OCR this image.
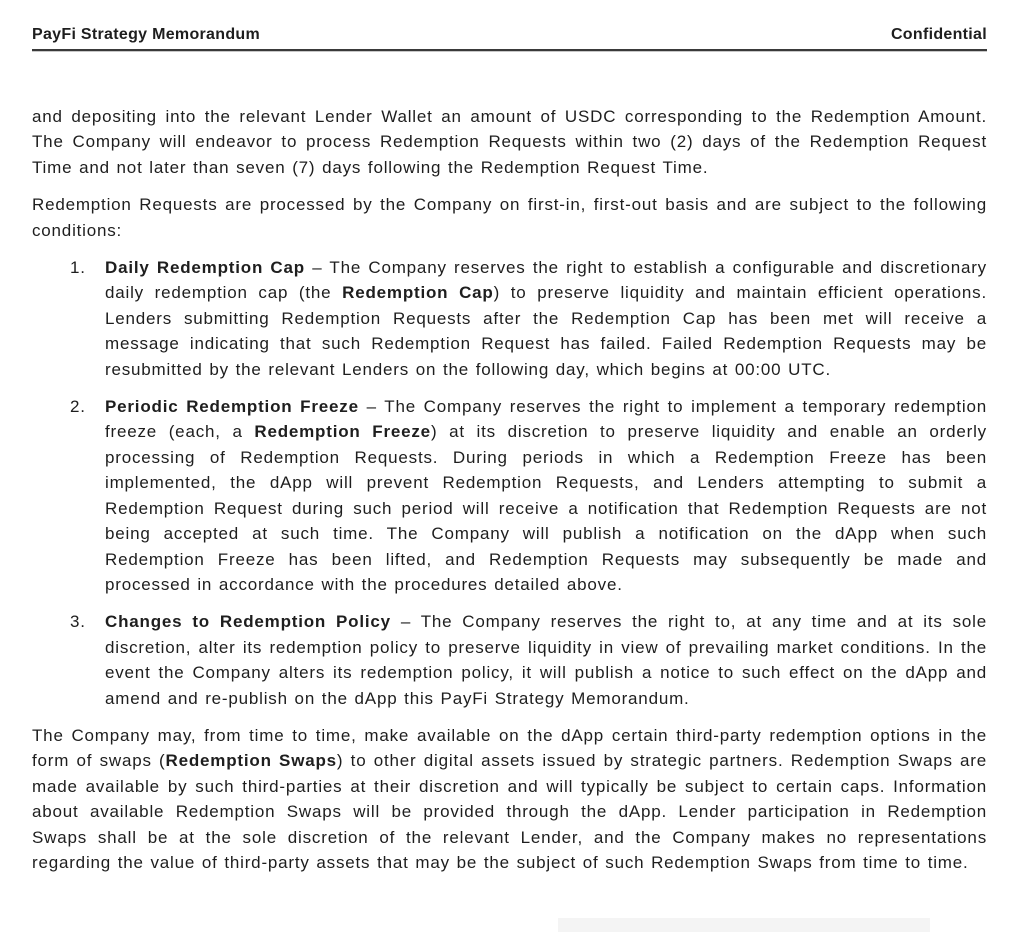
PayFi Strategy Memorandum	Confidential

and depositing into the relevant Lender Wallet an amount of USDC corresponding to the Redemption Amount. The Company will endeavor to process Redemption Requests within two (2) days of the Redemption Request Time and not later than seven (7) days following the Redemption Request Time.

Redemption Requests are processed by the Company on first-in, first-out basis and are subject to the following conditions:

1.	Daily Redemption Cap – The Company reserves the right to establish a configurable and discretionary daily redemption cap (the Redemption Cap) to preserve liquidity and maintain efficient operations. Lenders submitting Redemption Requests after the Redemption Cap has been met will receive a message indicating that such Redemption Request has failed. Failed Redemption Requests may be resubmitted by the relevant Lenders on the following day, which begins at 00:00 UTC.
2.	Periodic Redemption Freeze – The Company reserves the right to implement a temporary redemption freeze (each, a Redemption Freeze) at its discretion to preserve liquidity and enable an orderly processing of Redemption Requests. During periods in which a Redemption Freeze has been implemented, the dApp will prevent Redemption Requests, and Lenders attempting to submit a Redemption Request during such period will receive a notification that Redemption Requests are not being accepted at such time. The Company will publish a notification on the dApp when such Redemption Freeze has been lifted, and Redemption Requests may subsequently be made and processed in accordance with the procedures detailed above.
3.	Changes to Redemption Policy – The Company reserves the right to, at any time and at its sole discretion, alter its redemption policy to preserve liquidity in view of prevailing market conditions. In the event the Company alters its redemption policy, it will publish a notice to such effect on the dApp and amend and re-publish on the dApp this PayFi Strategy Memorandum.

The Company may, from time to time, make available on the dApp certain third-party redemption options in the form of swaps (Redemption Swaps) to other digital assets issued by strategic partners. Redemption Swaps are made available by such third-parties at their discretion and will typically be subject to certain caps. Information about available Redemption Swaps will be provided through the dApp. Lender participation in Redemption Swaps shall be at the sole discretion of the relevant Lender, and the Company makes no representations regarding the value of third-party assets that may be the subject of such Redemption Swaps from time to time.
